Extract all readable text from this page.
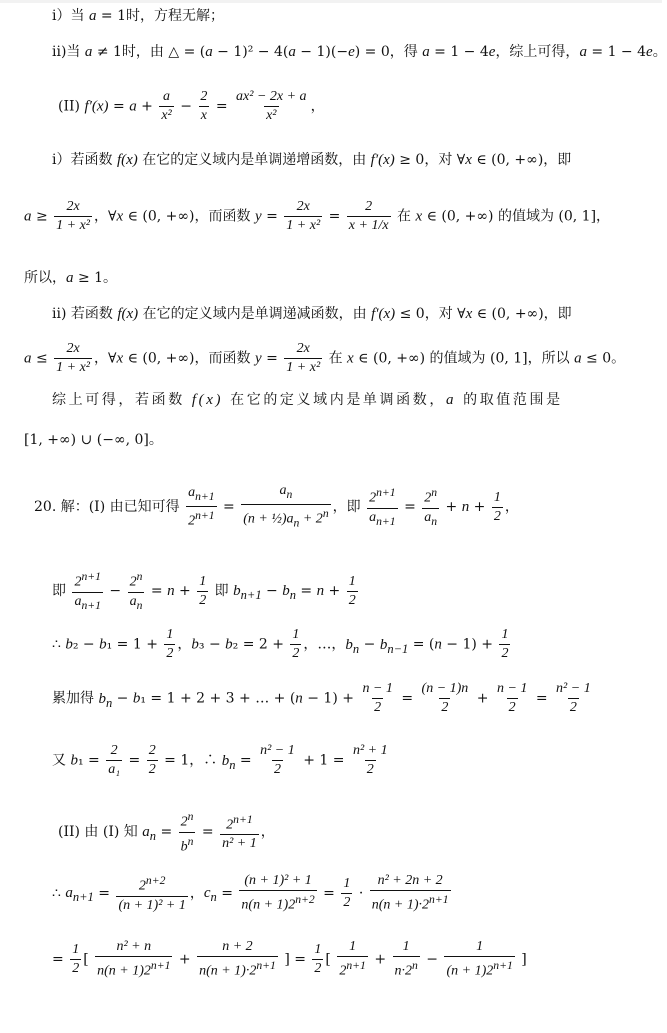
i）当 a = 1时，方程无解；
ii)当 a ≠ 1时，由 △ = (a − 1)² − 4(a − 1)(−e) = 0，得 a = 1 − 4e，综上可得，a = 1 − 4e。
(II) $f'(x) = a + \frac{a}{\text{x²}} - \frac{2}{x} = \frac{\text{ax² − 2x + a}}{\text{x²}}$ ，
i）若函数 f(x) 在它的定义域内是单调递增函数，由 f′(x) ≥ 0，对 ∀x ∈ (0, +∞)，即
$a \ge \frac{2x}{\text{1 + x²}}$ ，∀x ∈ (0, +∞)，而函数 $y = \frac{2x}{\text{1 + x²}} = \frac{2}{x + 1/x}$ 在 x ∈ (0, +∞) 的值域为 (0, 1]，
所以，a ≥ 1。
ii) 若函数 f(x) 在它的定义域内是单调递减函数，由 f′(x) ≤ 0，对 ∀x ∈ (0, +∞)，即
$a \le \frac{2x}{\text{1 + x²}}$ ，∀x ∈ (0, +∞)，而函数 $y = \frac{2x}{\text{1 + x²}}$ 在 x ∈ (0, +∞) 的值域为 (0, 1]，所以 a ≤ 0。
综上可得，若函数 f(x) 在它的定义域内是单调函数，a 的取值范围是
[1, +∞) ∪ (−∞, 0]。
20. 解：(I) 由已知可得 $\frac{a_{n+1}}{2^{n+1}} = \frac{a_n}{(n + \frac{1}{2})a_n + 2^n}$ ，即 $\frac{2^{n+1}}{a_{n+1}} = \frac{2^n}{a_n} + n + \frac{1}{2}$ ，
即 $\frac{2^{n+1}}{a_{n+1}} - \frac{2^n}{a_n} = n + \frac{1}{2}$ 即 $b_{n+1} - b_n = n + \frac{1}{2}$
∴ $b_2 - b_1 = 1 + \frac{1}{2}$ ，$b_3 - b_2 = 2 + \frac{1}{2}$ ，…，$b_n - b_{n-1} = (n - 1) + \frac{1}{2}$
累加得 $b_n - b_1 = 1 + 2 + 3$ + … + $(n - 1) + \frac{n - 1}{2} = \frac{(n - 1)n}{2} + \frac{n - 1}{2} = \frac{\text{n² − 1}}{2}$
又 $b_1 = \frac{2}{\text{a₁}} = \frac{2}{2} = 1$，∴ $b_n = \frac{\text{n² − 1}}{2} + 1 = \frac{\text{n² + 1}}{2}$
(II) 由 (I) 知 $a_n = \frac{2^n}{b^n} = \frac{2^{n+1}}{\text{n² + 1}}$ ，
∴ $a_{n+1} = \frac{2^{n+2}}{\text{(n + 1)² + 1}}$ ，$c_n = \frac{\text{(n + 1)² + 1}}{n(n + 1)2^{n+2}} = \frac{1}{2} \cdot \frac{\text{n² + 2n + 2}}{n(n + 1)\cdot 2^{n+1}}$
= $\frac{1}{2}$ [ $\frac{\text{n² + n}}{n(n + 1)2^{n+1}} + \frac{n + 2}{n(n + 1)\cdot 2^{n+1}}$ ] = $\frac{1}{2}$ [ $\frac{1}{2^{n+1}} + \frac{1}{n\cdot 2^n} - \frac{1}{(n + 1)2^{n+1}}$ ]
